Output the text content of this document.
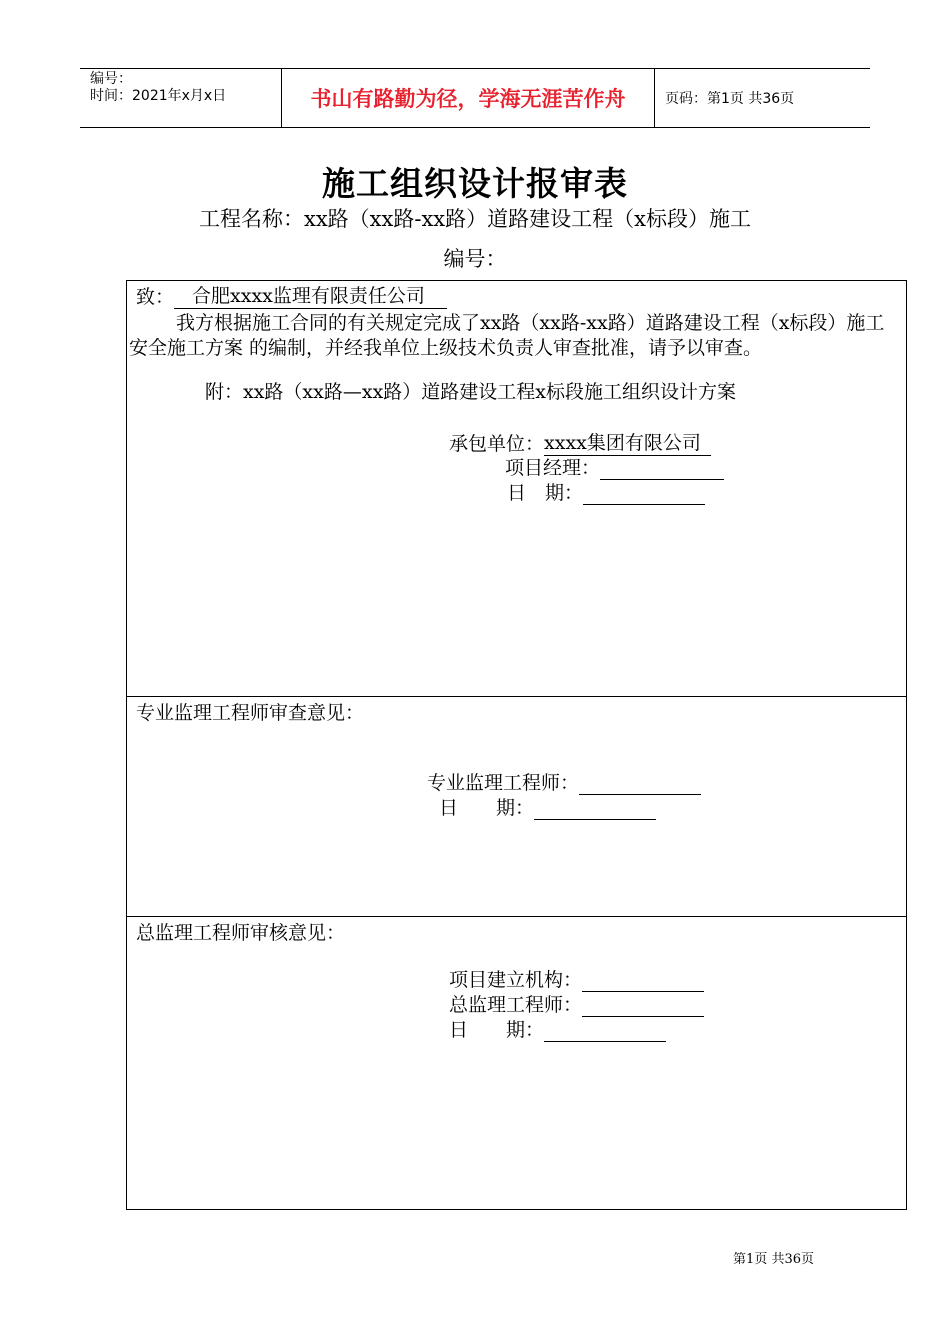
编号：
时间：2021年x月x日	书山有路勤为径，学海无涯苦作舟	页码：第1页 共36页
施工组织设计报审表
工程名称：xx路（xx路-xx路）道路建设工程（x标段）施工
编号：
致： 合肥xxxx监理有限责任公司
我方根据施工合同的有关规定完成了xx路（xx路-xx路）道路建设工程（x标段）施工安全施工方案 的编制，并经我单位上级技术负责人审查批准，请予以审查。
附：xx路（xx路—xx路）道路建设工程x标段施工组织设计方案
承包单位：xxxx集团有限公司
项目经理：
日　期：
专业监理工程师审查意见：
专业监理工程师：
日　　期：
总监理工程师审核意见：
项目建立机构：
总监理工程师：
日　　期：
第1页 共36页
